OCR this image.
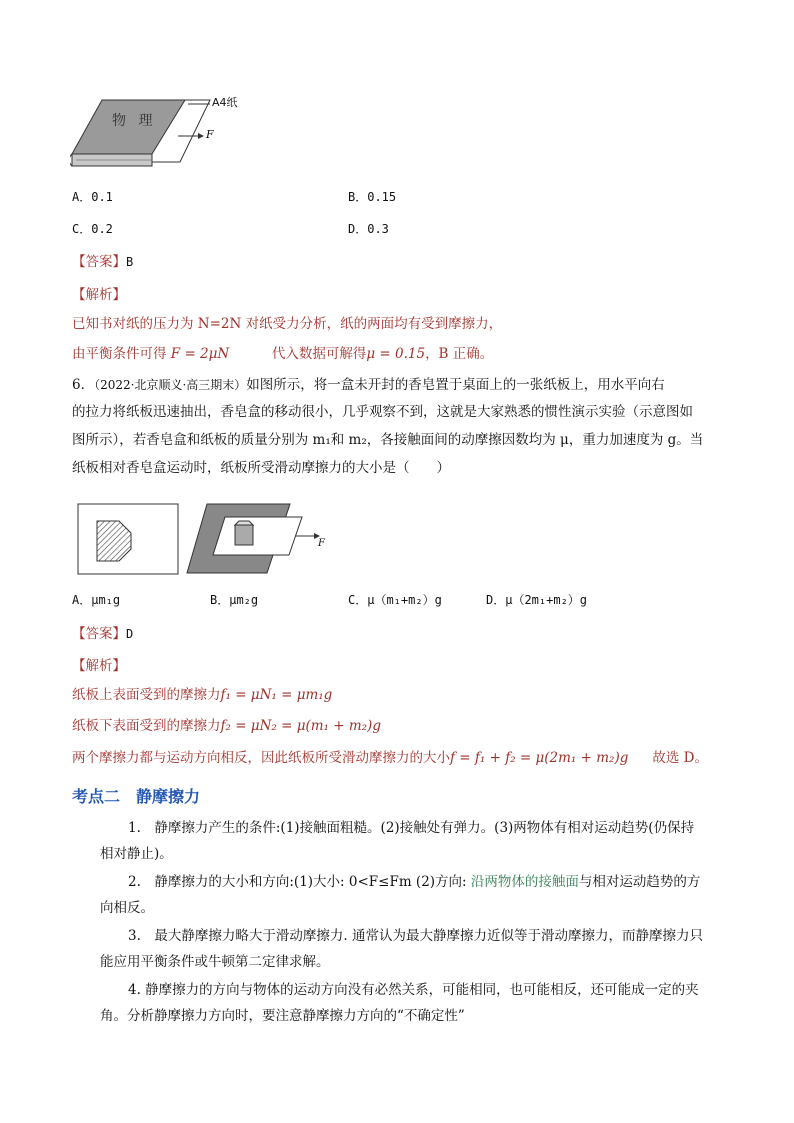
物 理
A4纸
F
A．0.1	B．0.15
C．0.2	D．0.3
【答案】B
【解析】
已知书对纸的压力为 N=2N 对纸受力分析，纸的两面均有受到摩擦力，
由平衡条件可得 F = 2μN	代入数据可解得μ = 0.15，B 正确。
6．（2022·北京顺义·高三期末）如图所示，将一盒未开封的香皂置于桌面上的一张纸板上，用水平向右
的拉力将纸板迅速抽出，香皂盒的移动很小，几乎观察不到，这就是大家熟悉的惯性演示实验（示意图如
图所示），若香皂盒和纸板的质量分别为 m₁和 m₂，各接触面间的动摩擦因数均为 μ，重力加速度为 g。当
纸板相对香皂盒运动时，纸板所受滑动摩擦力的大小是（　　）
F
A．μm₁g	B．μm₂g	C．μ（m₁+m₂）g	D．μ（2m₁+m₂）g
【答案】D
【解析】
纸板上表面受到的摩擦力f₁ = μN₁ = μm₁g
纸板下表面受到的摩擦力f₂ = μN₂ = μ(m₁ + m₂)g
两个摩擦力都与运动方向相反，因此纸板所受滑动摩擦力的大小f = f₁ + f₂ = μ(2m₁ + m₂)g 故选 D。
考点二　静摩擦力
1.　静摩擦力产生的条件:(1)接触面粗糙。(2)接触处有弹力。(3)两物体有相对运动趋势(仍保持
相对静止)。
2.　静摩擦力的大小和方向:(1)大小: 0<F≤Fm (2)方向: 沿两物体的接触面与相对运动趋势的方
向相反。
3.　最大静摩擦力略大于滑动摩擦力. 通常认为最大静摩擦力近似等于滑动摩擦力，而静摩擦力只
能应用平衡条件或牛顿第二定律求解。
4. 静摩擦力的方向与物体的运动方向没有必然关系，可能相同，也可能相反，还可能成一定的夹
角。分析静摩擦力方向时，要注意静摩擦力方向的“不确定性”
